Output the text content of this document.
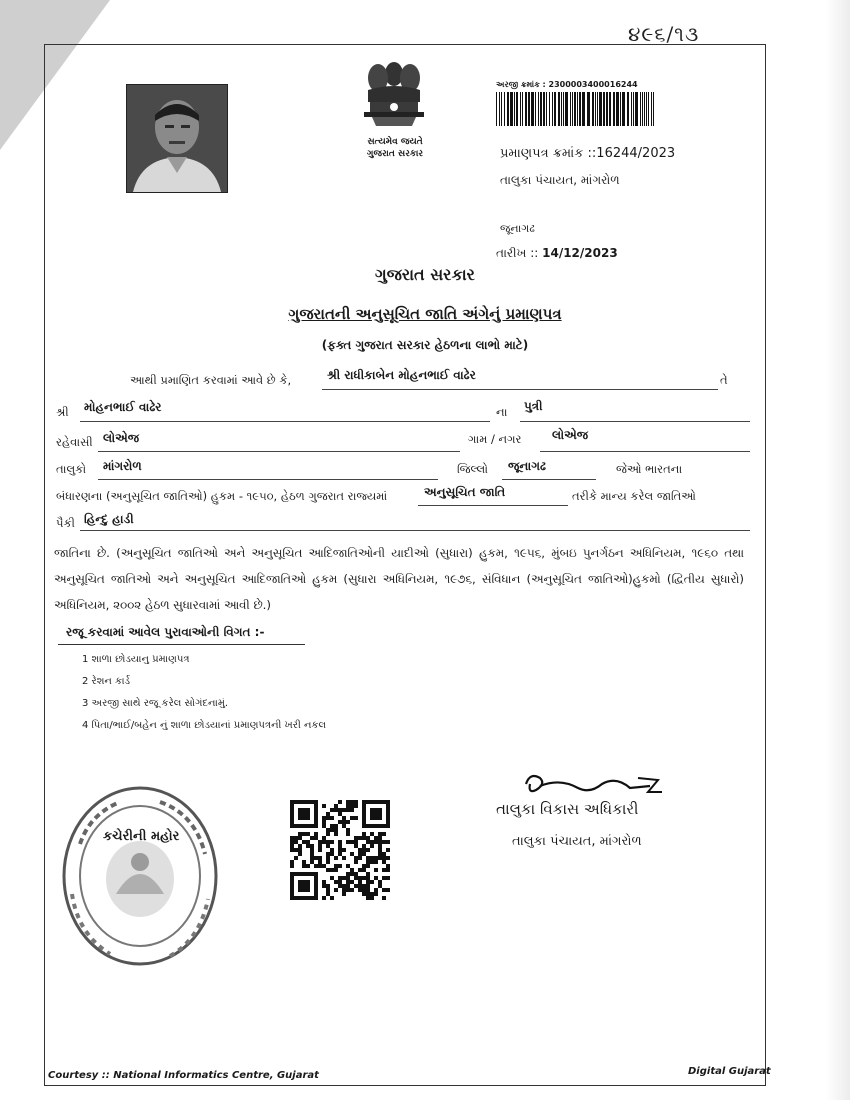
૪૯૬/૧૩
સત્યમેવ જયતે
ગુજરાત સરકાર
અરજી ક્રમાંક : 2300003400016244
પ્રમાણપત્ર ક્રમાંક ::16244/2023
તાલુકા પંચાયત, માંગરોળ
જૂનાગઢ
તારીખ :: 14/12/2023
ગુજરાત સરકાર
ગુજરાતની અનુસૂચિત જાતિ અંગેનું પ્રમાણપત્ર
(ફક્ત ગુજરાત સરકાર હેઠળના લાભો માટે)
આથી પ્રમાણિત કરવામાં આવે છે કે,	શ્રી રાધીકાબેન મોહનભાઈ વાઢેર	તે
શ્રી મોહનભાઈ વાઢેર	ના પુત્રી
રહેવાસી લોએજ	ગામ / નગર	લોએજ
તાલુકો માંગરોળ	જિલ્લો જૂનાગઢ	જેઓ ભારતના
બંધારણના (અનુસૂચિત જાતિઓ) હુકમ - ૧૯૫૦, હેઠળ ગુજરાત રાજ્યમાં	અનુસૂચિત જાતિ	તરીકે માન્ય કરેલ જાતિઓ
પૈકી હિન્દુ હાડી
જાતિના છે. (અનુસૂચિત જાતિઓ અને અનુસૂચિત આદિજાતિઓની યાદીઓ (સુધારા) હુકમ, ૧૯૫૬, મુંબઇ પુનર્ગઠન અધિનિયમ, ૧૯૬૦ તથા અનુસૂચિત જાતિઓ અને અનુસૂચિત આદિજાતિઓ હુકમ (સુધારા અધિનિયમ, ૧૯૭૬, સંવિધાન (અનુસૂચિત જાતિઓ)હુકમો (દ્વિતીય સુધારો) અધિનિયમ, ૨૦૦૨ હેઠળ સુધારવામાં આવી છે.)
રજૂ કરવામાં આવેલ પુરાવાઓની વિગત :-
1 શાળા છોડયાનુ પ્રમાણપત્ર
2 રેશન કાર્ડ
3 અરજી સાથે રજૂ કરેલ સોગંદનામું.
4 પિતા/ભાઈ/બહેન નું શાળા છોડયાનાં પ્રમાણપત્રની ખરી નકલ
કચેરીની મહોર
તાલુકા વિકાસ અધિકારી
તાલુકા પંચાયત, માંગરોળ
Courtesy :: National Informatics Centre, Gujarat	Digital Gujarat
